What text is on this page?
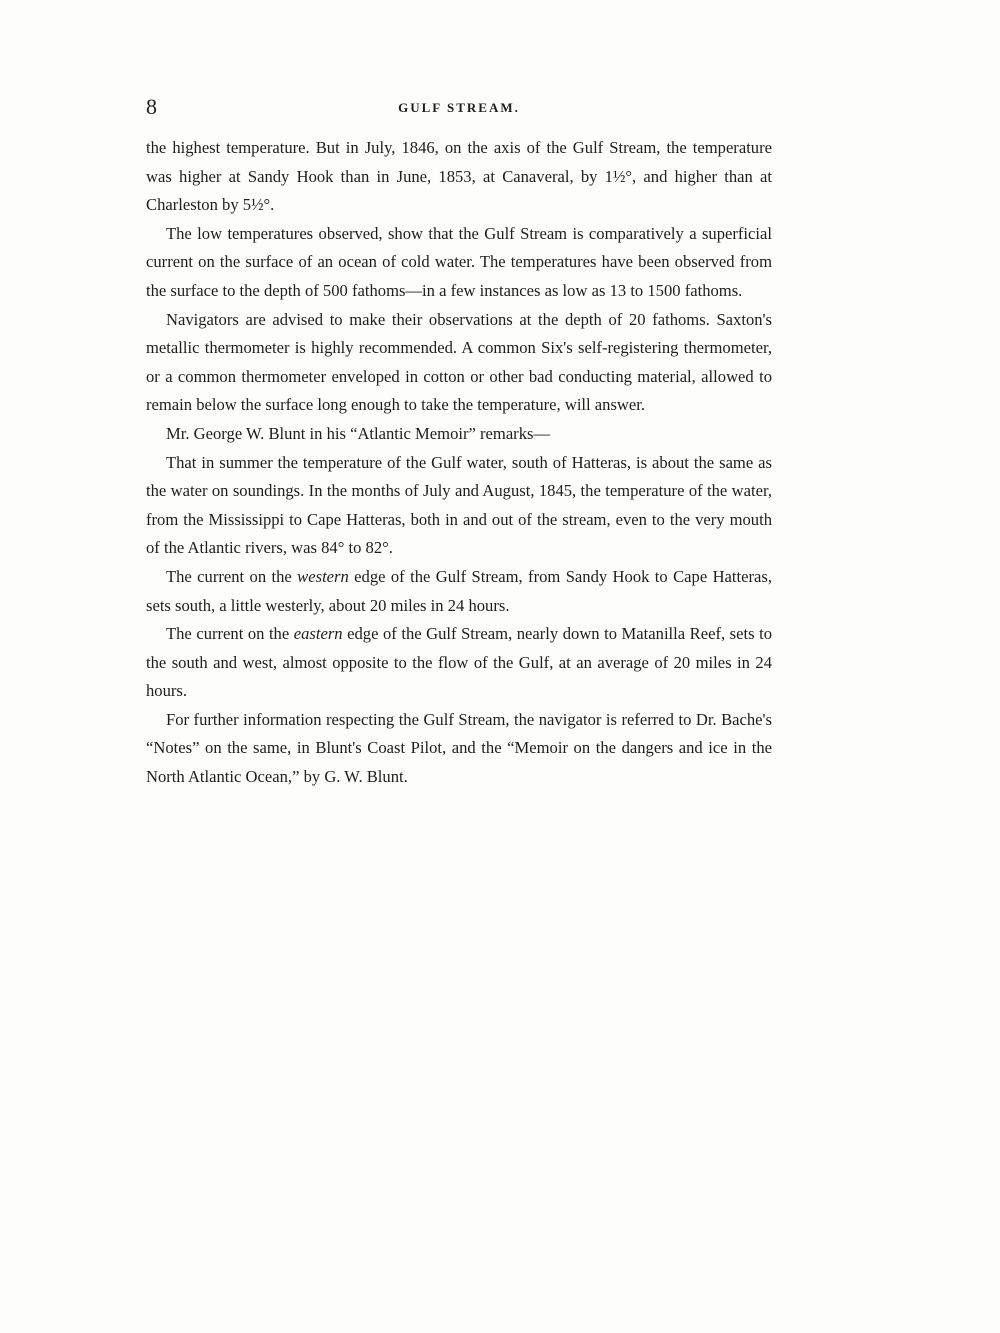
8	GULF STREAM.

the highest temperature. But in July, 1846, on the axis of the Gulf Stream, the temperature was higher at Sandy Hook than in June, 1853, at Canaveral, by 1½°, and higher than at Charleston by 5½°.

The low temperatures observed, show that the Gulf Stream is comparatively a superficial current on the surface of an ocean of cold water. The temperatures have been observed from the surface to the depth of 500 fathoms—in a few instances as low as 13 to 1500 fathoms.

Navigators are advised to make their observations at the depth of 20 fathoms. Saxton's metallic thermometer is highly recommended. A common Six's self-registering thermometer, or a common thermometer enveloped in cotton or other bad conducting material, allowed to remain below the surface long enough to take the temperature, will answer.

Mr. George W. Blunt in his “Atlantic Memoir” remarks—

That in summer the temperature of the Gulf water, south of Hatteras, is about the same as the water on soundings. In the months of July and August, 1845, the temperature of the water, from the Mississippi to Cape Hatteras, both in and out of the stream, even to the very mouth of the Atlantic rivers, was 84° to 82°.

The current on the western edge of the Gulf Stream, from Sandy Hook to Cape Hatteras, sets south, a little westerly, about 20 miles in 24 hours.

The current on the eastern edge of the Gulf Stream, nearly down to Matanilla Reef, sets to the south and west, almost opposite to the flow of the Gulf, at an average of 20 miles in 24 hours.

For further information respecting the Gulf Stream, the navigator is referred to Dr. Bache's “Notes” on the same, in Blunt's Coast Pilot, and the “Memoir on the dangers and ice in the North Atlantic Ocean,” by G. W. Blunt.
